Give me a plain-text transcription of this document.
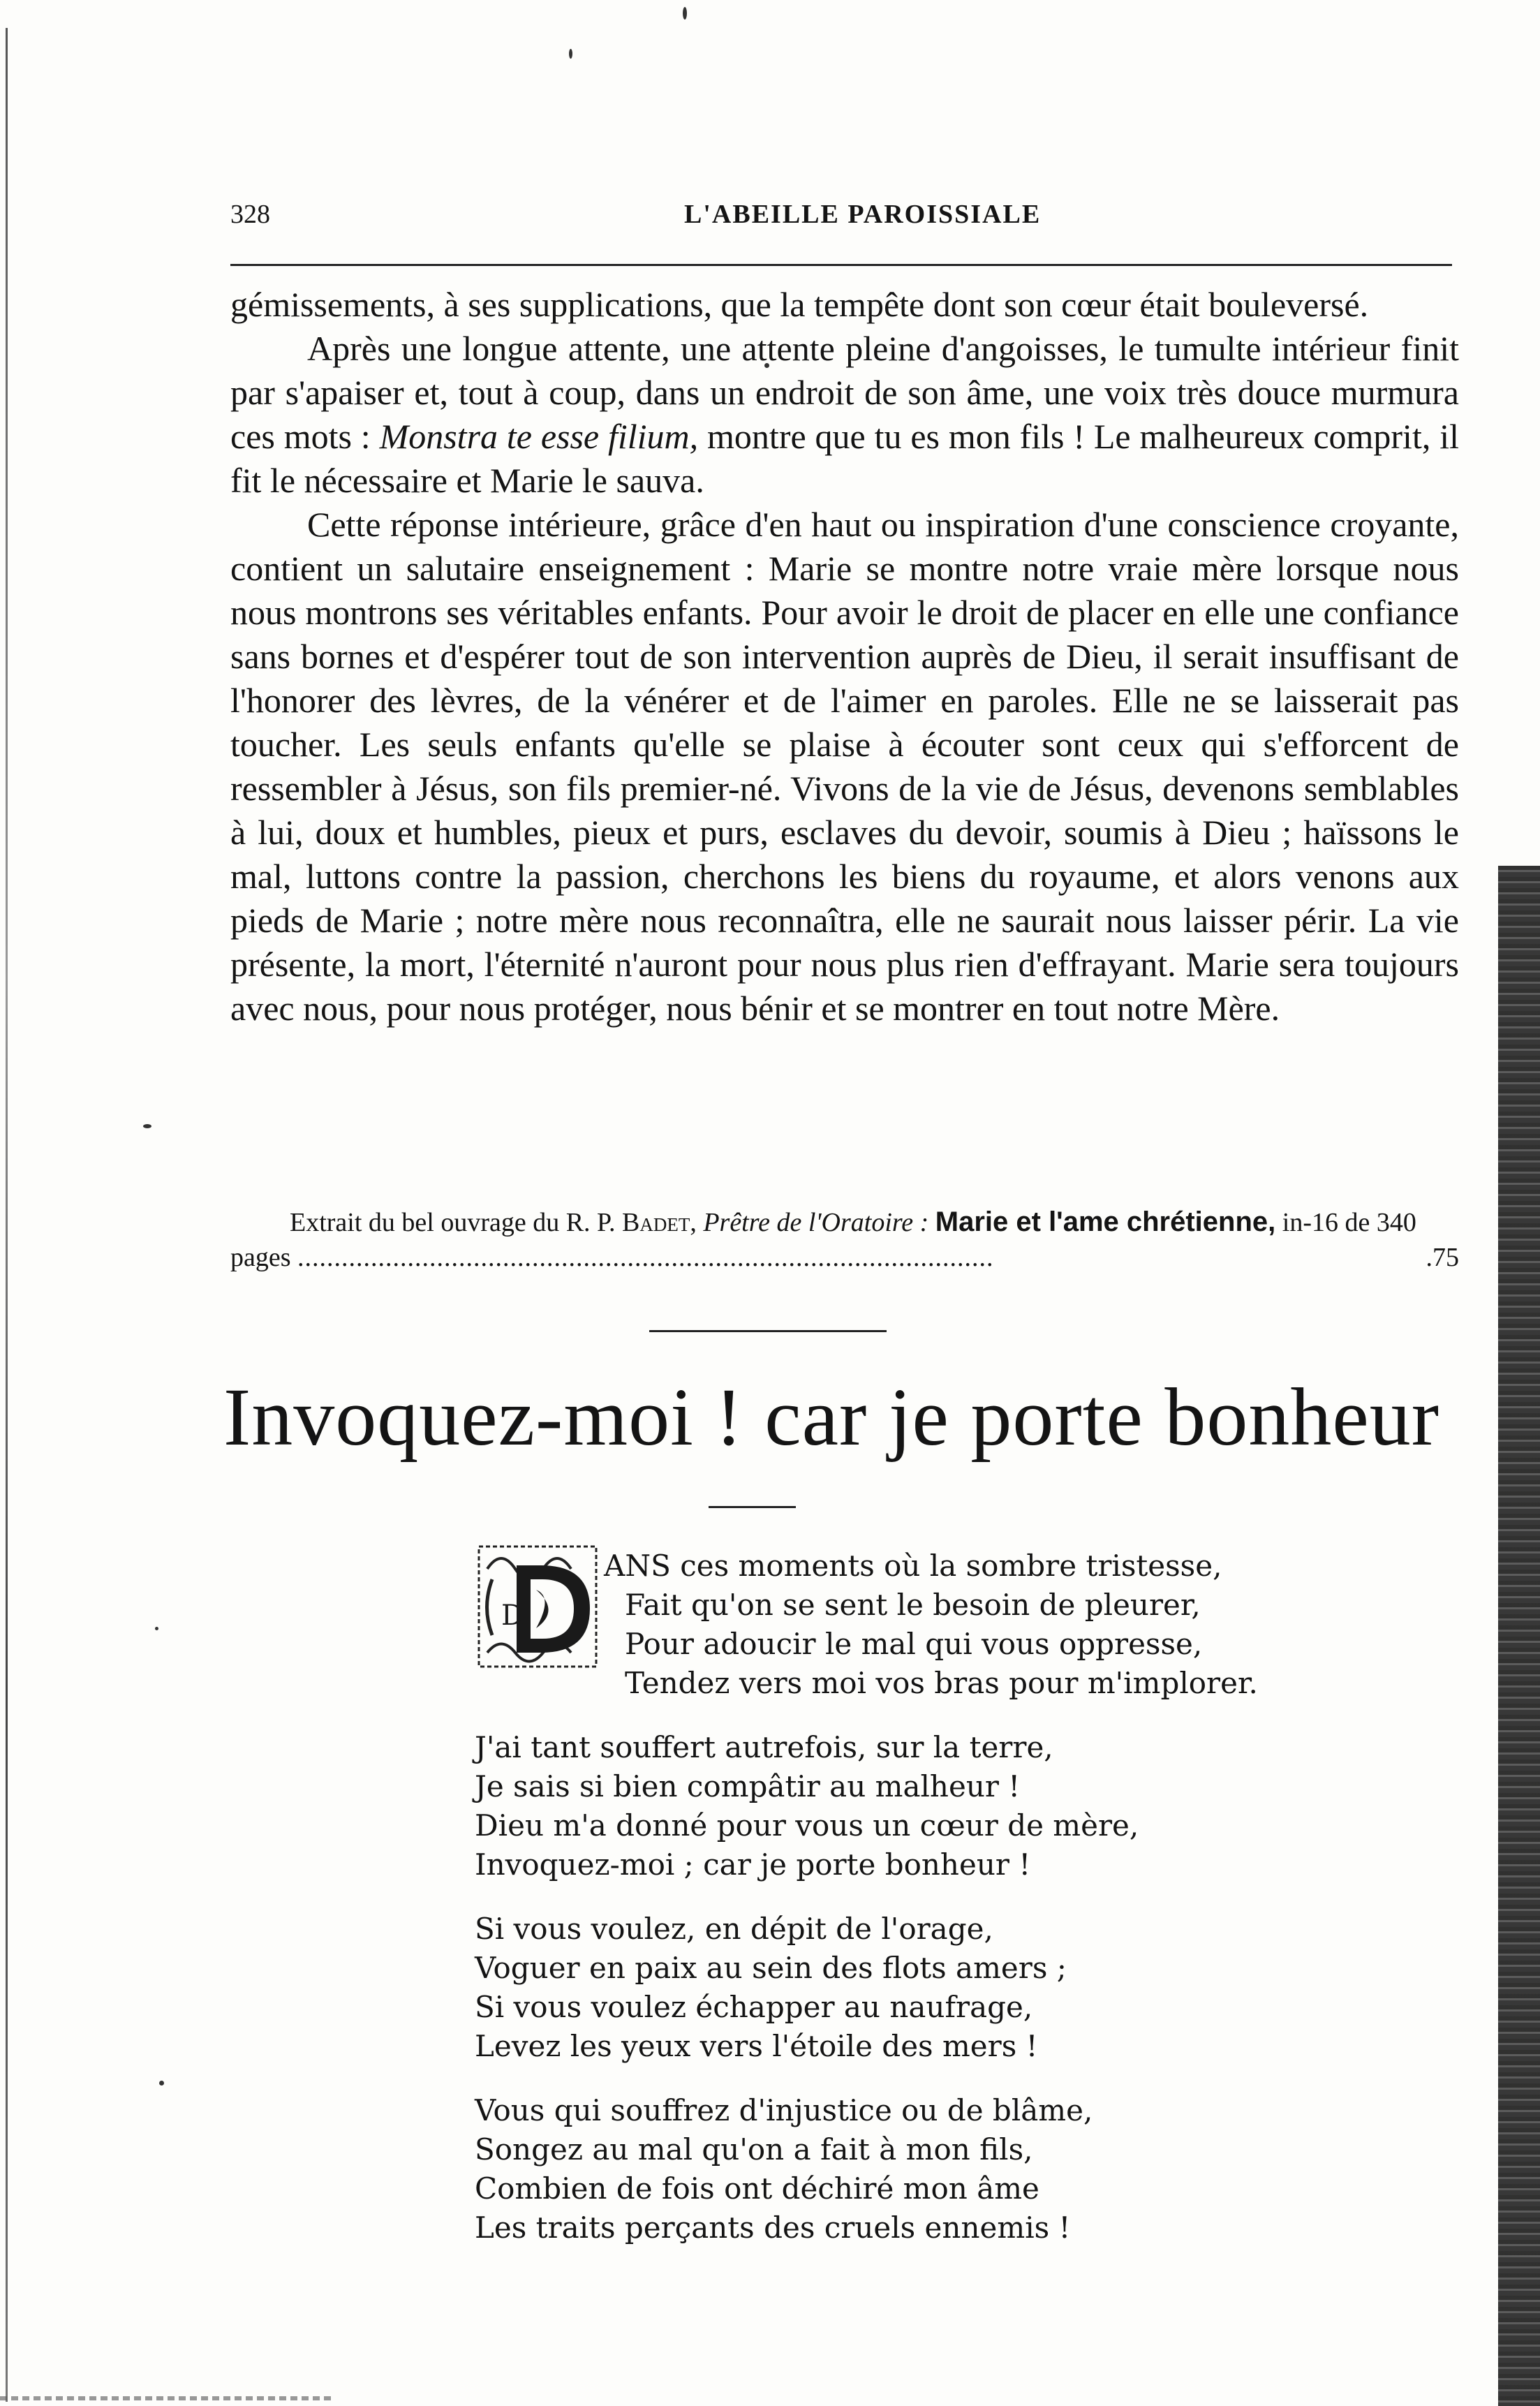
328	L'ABEILLE PAROISSIALE

gémissements, à ses supplications, que la tempête dont son cœur était bouleversé.

Après une longue attente, une attente pleine d'angoisses, le tumulte intérieur finit par s'apaiser et, tout à coup, dans un endroit de son âme, une voix très douce murmura ces mots : Monstra te esse filium, montre que tu es mon fils ! Le malheureux comprit, il fit le nécessaire et Marie le sauva.

Cette réponse intérieure, grâce d'en haut ou inspiration d'une conscience croyante, contient un salutaire enseignement : Marie se montre notre vraie mère lorsque nous nous montrons ses véritables enfants. Pour avoir le droit de placer en elle une confiance sans bornes et d'espérer tout de son intervention auprès de Dieu, il serait insuffisant de l'honorer des lèvres, de la vénérer et de l'aimer en paroles. Elle ne se laisserait pas toucher. Les seuls enfants qu'elle se plaise à écouter sont ceux qui s'efforcent de ressembler à Jésus, son fils premier-né. Vivons de la vie de Jésus, devenons semblables à lui, doux et humbles, pieux et purs, esclaves du devoir, soumis à Dieu ; haïssons le mal, luttons contre la passion, cherchons les biens du royaume, et alors venons aux pieds de Marie ; notre mère nous reconnaîtra, elle ne saurait nous laisser périr. La vie présente, la mort, l'éternité n'auront pour nous plus rien d'effrayant. Marie sera toujours avec nous, pour nous protéger, nous bénir et se montrer en tout notre Mère.

Extrait du bel ouvrage du R. P. Badet, Prêtre de l'Oratoire : Marie et l'ame chrétienne, in-16 de 340 pages ...............................................................................................	.75

Invoquez-moi ! car je porte bonheur
D
ANS ces moments où la sombre tristesse,
Fait qu'on se sent le besoin de pleurer,
Pour adoucir le mal qui vous oppresse,
Tendez vers moi vos bras pour m'implorer.
J'ai tant souffert autrefois, sur la terre,
Je sais si bien compâtir au malheur !
Dieu m'a donné pour vous un cœur de mère,
Invoquez-moi ; car je porte bonheur !
Si vous voulez, en dépit de l'orage,
Voguer en paix au sein des flots amers ;
Si vous voulez échapper au naufrage,
Levez les yeux vers l'étoile des mers !
Vous qui souffrez d'injustice ou de blâme,
Songez au mal qu'on a fait à mon fils,
Combien de fois ont déchiré mon âme
Les traits perçants des cruels ennemis !
